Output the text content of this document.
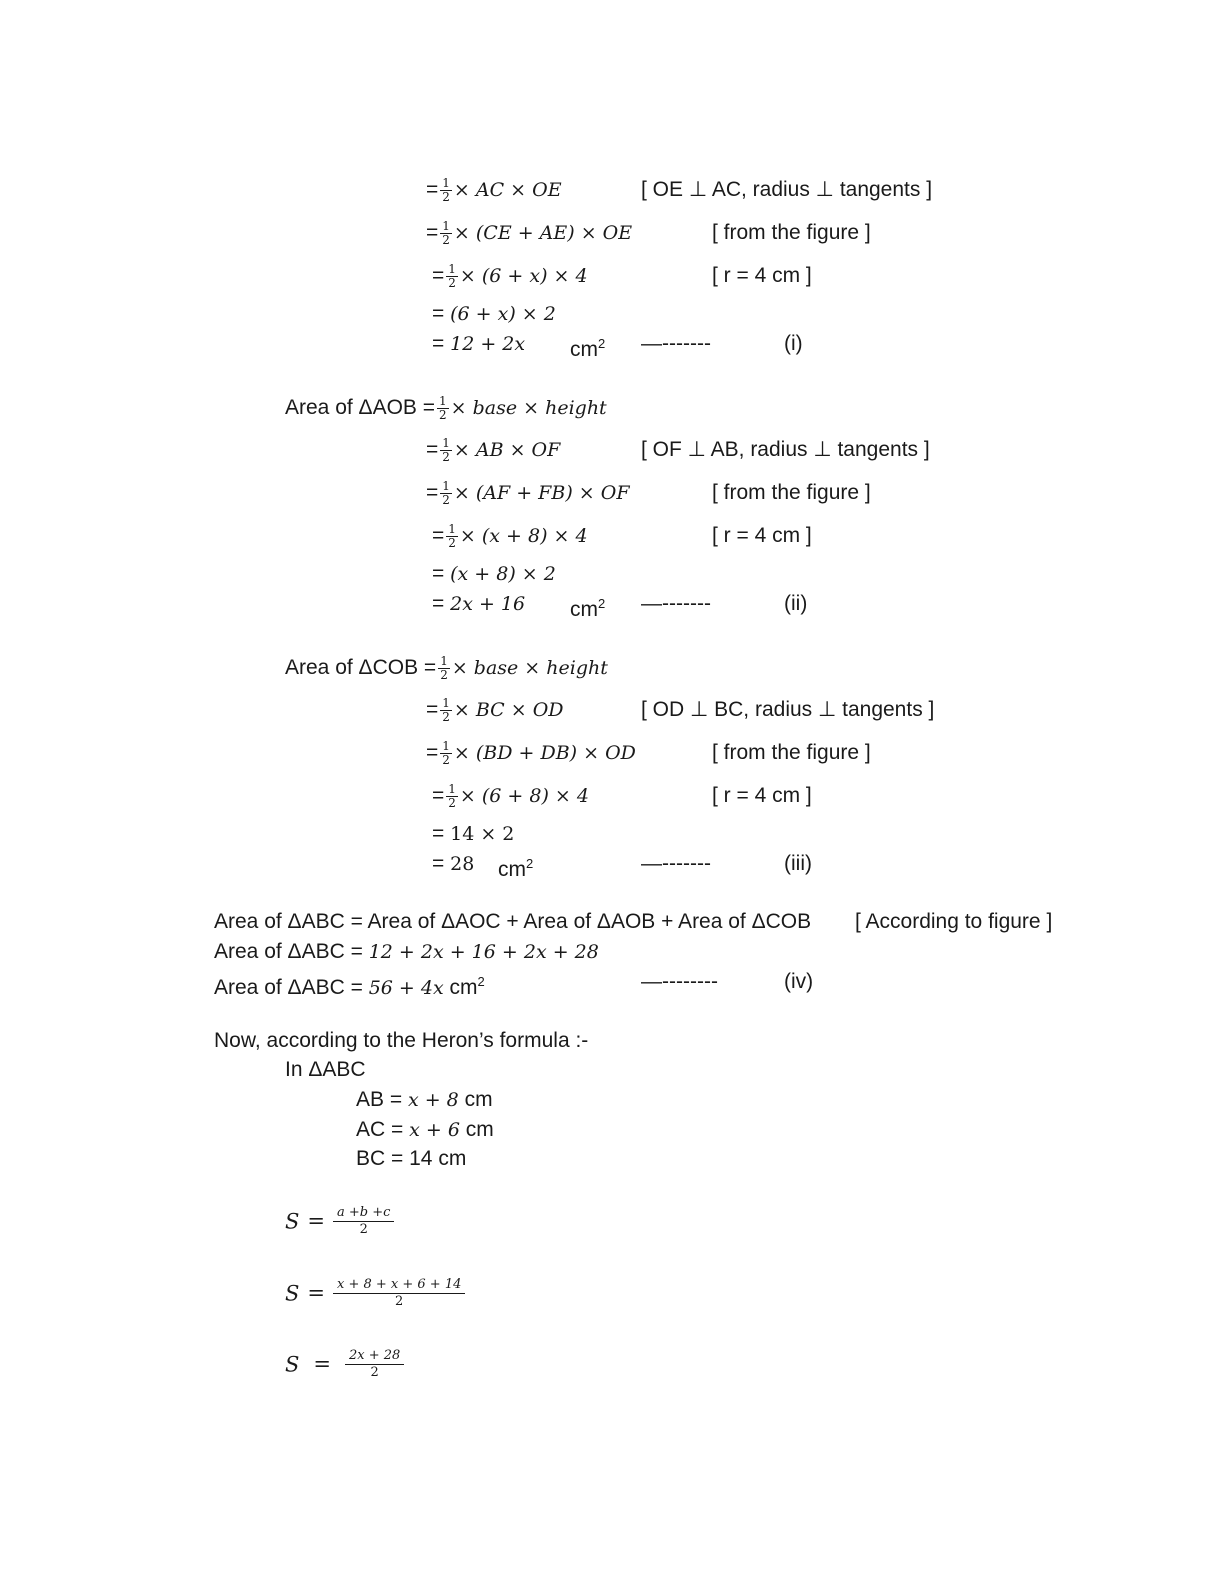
= $\frac{1}{2}$ × AC × OE	[ OE ⊥ AC, radius ⊥ tangents ]
= $\frac{1}{2} \times (CE + AE)$ × OE	[ from the figure ]
= $\frac{1}{2} \times (6 + x) \times 4$	[ r = 4 cm ]
= (6 + x) × 2
= 12 + 2x $cm^2$ —-------	(i)
Area of $\Delta AOB = \frac{1}{2}$ × base × height
= $\frac{1}{2}$ × AB × OF	[ OF ⊥ AB, radius ⊥ tangents ]
= $\frac{1}{2} \times (AF + FB)$ × OF	[ from the figure ]
= $\frac{1}{2} \times (x + 8) \times 4$	[ r = 4 cm ]
= (x + 8) × 2
= 2x + 16 $cm^2$ —-------	(ii)
Area of $\Delta COB = \frac{1}{2}$ × base × height
= $\frac{1}{2}$ × BC × OD	[ OD ⊥ BC, radius ⊥ tangents ]
= $\frac{1}{2} \times (BD + DB)$ × OD	[ from the figure ]
= $\frac{1}{2} \times (6 + 8) \times 4$	[ r = 4 cm ]
= 14 × 2
= 28 $cm^2$	—-------	(iii)
Area of ΔABC = Area of ΔAOC + Area of ΔAOB + Area of ΔCOB [ According to figure ]
Area of ΔABC = 12 + 2x + 16 + 2x + 28
Area of ΔABC = 56 + 4x $cm^2$	—--------	(iv)
Now, according to the Heron’s formula :-
In ΔABC
AB = x + 8 cm
AC = x + 6 cm
BC = 14 cm
$S = \frac{a +b +c}{2}$
$S = \frac{x + 8 + x + 6 + 14}{2}$
$S = \frac{2x + 28}{2}$
